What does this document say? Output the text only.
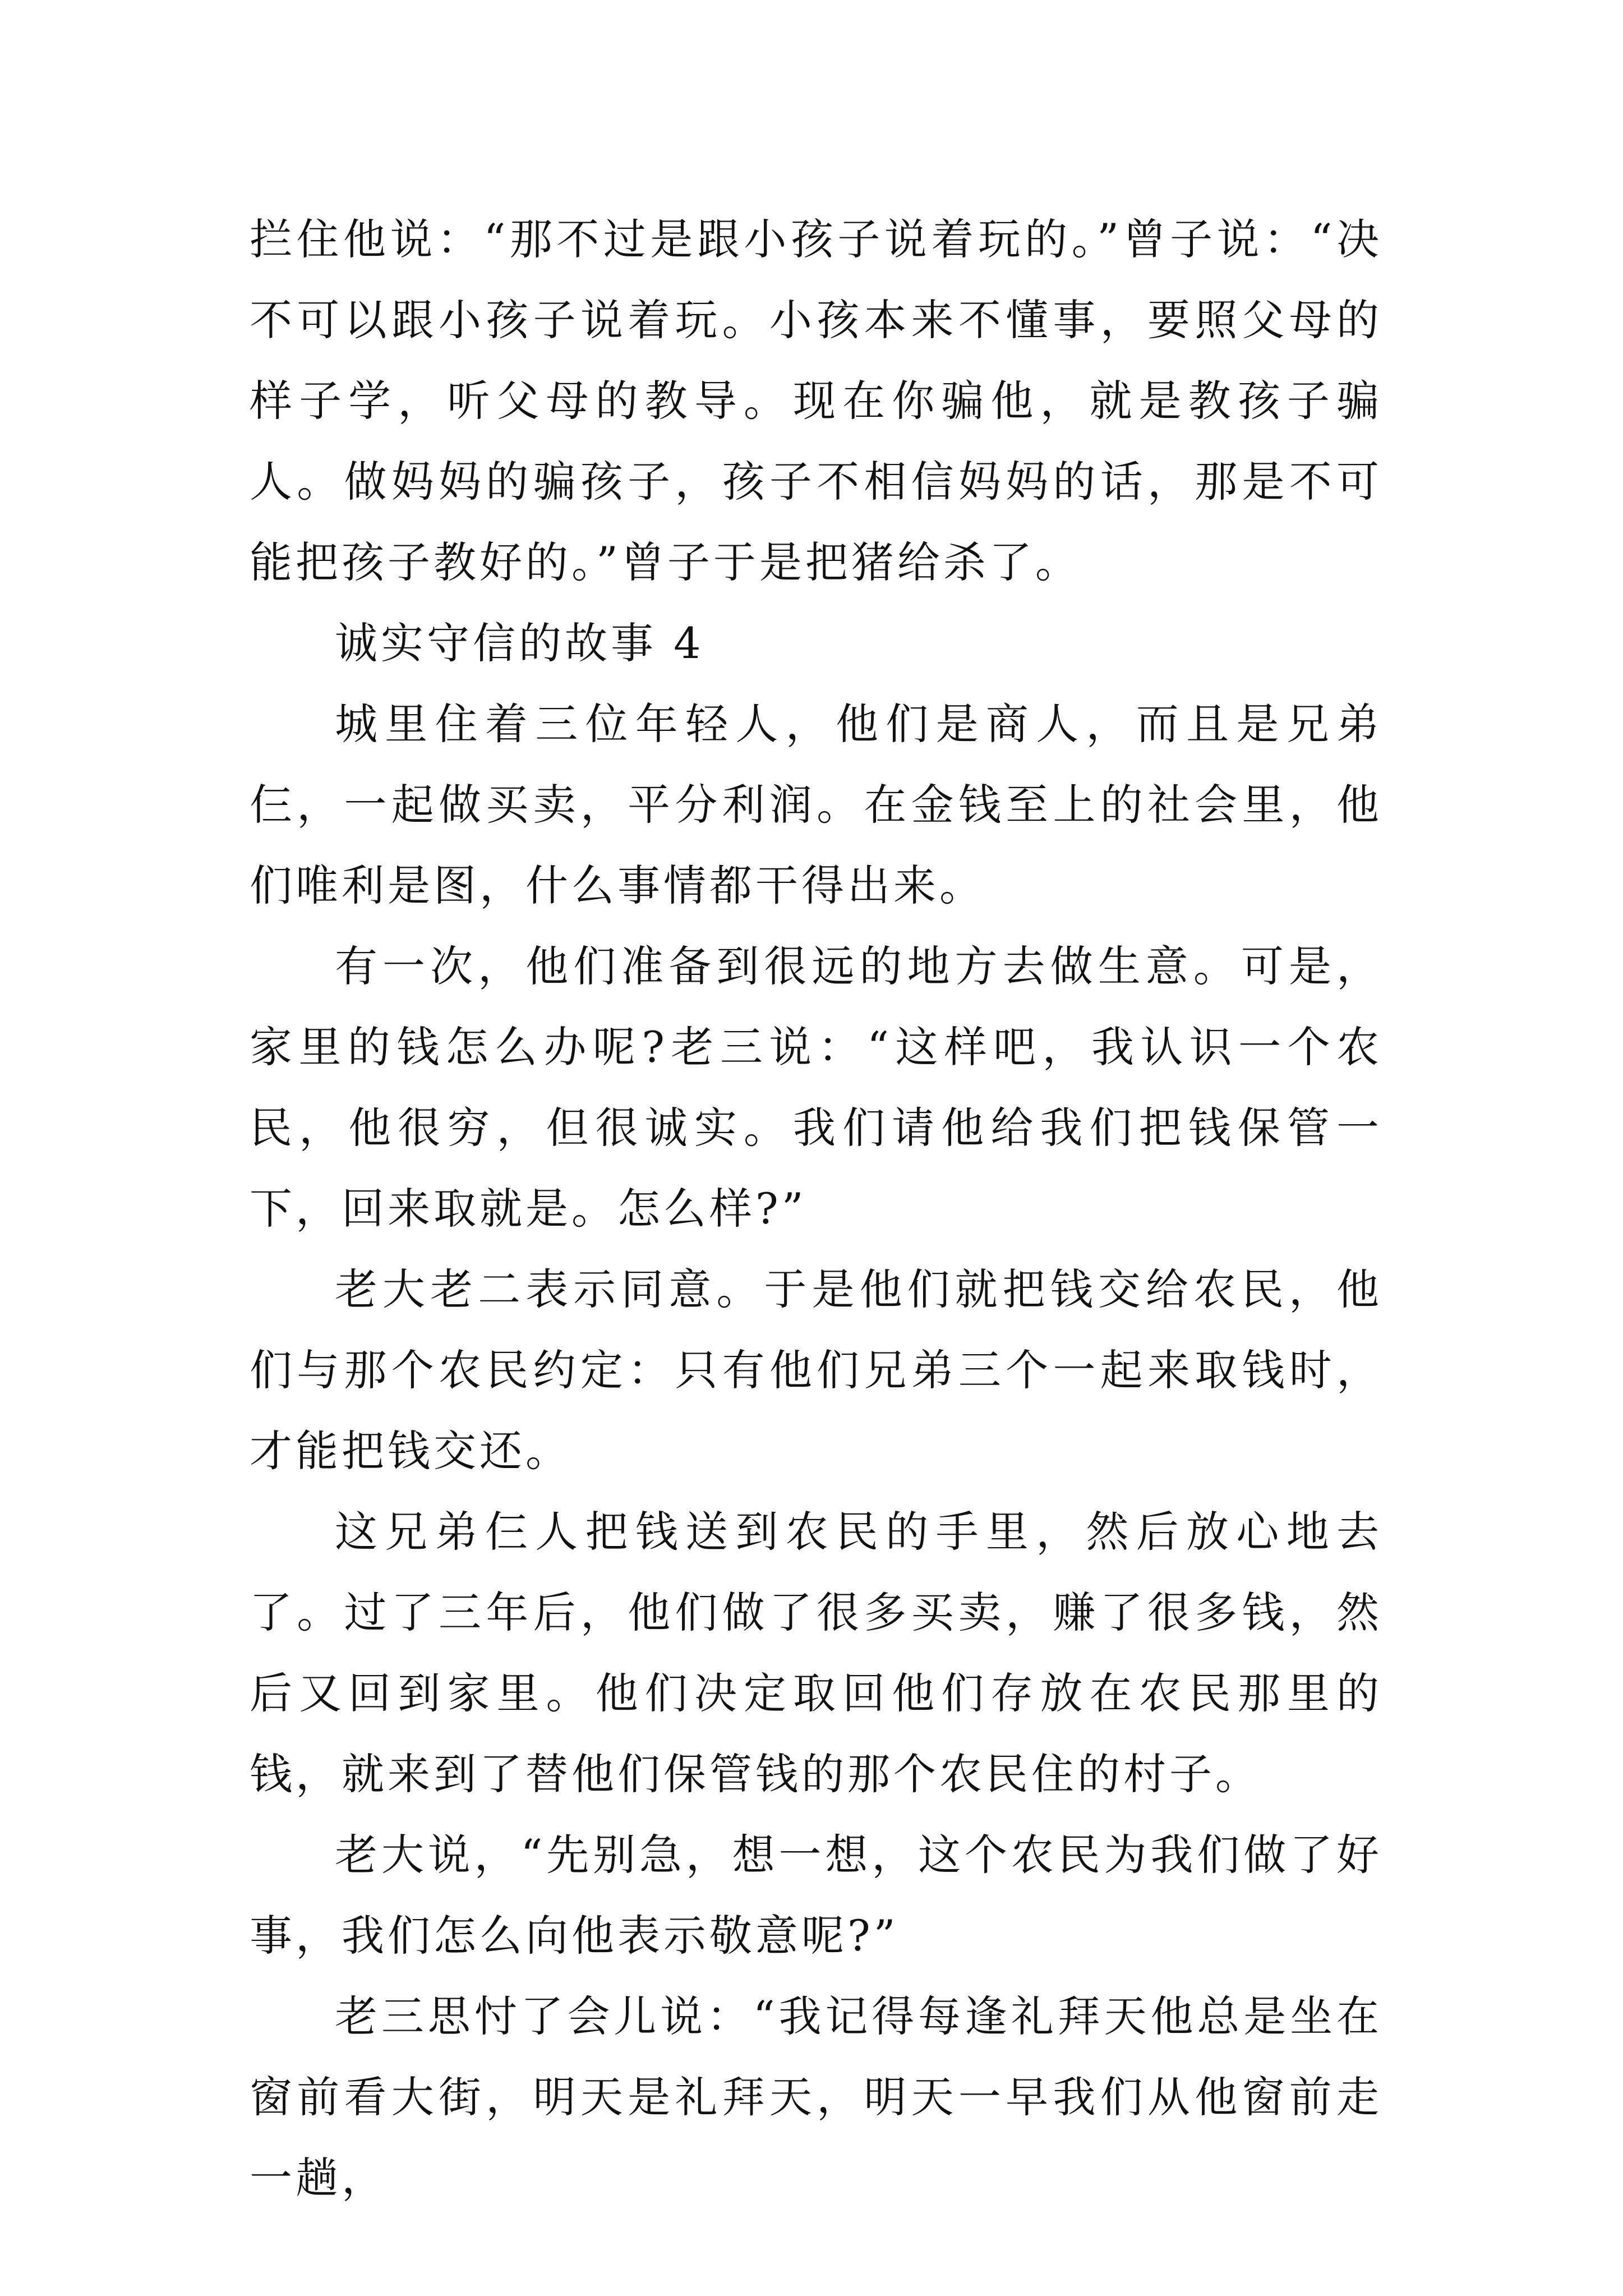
拦住他说：“那不过是跟小孩子说着玩的。”曾子说：“决不可以跟小孩子说着玩。小孩本来不懂事，要照父母的样子学，听父母的教导。现在你骗他，就是教孩子骗人。做妈妈的骗孩子，孩子不相信妈妈的话，那是不可能把孩子教好的。”曾子于是把猪给杀了。

诚实守信的故事 4

城里住着三位年轻人，他们是商人，而且是兄弟仨，一起做买卖，平分利润。在金钱至上的社会里，他们唯利是图，什么事情都干得出来。

有一次，他们准备到很远的地方去做生意。可是，家里的钱怎么办呢?老三说：“这样吧，我认识一个农民，他很穷，但很诚实。我们请他给我们把钱保管一下，回来取就是。怎么样?”

老大老二表示同意。于是他们就把钱交给农民，他们与那个农民约定：只有他们兄弟三个一起来取钱时，才能把钱交还。

这兄弟仨人把钱送到农民的手里，然后放心地去了。过了三年后，他们做了很多买卖，赚了很多钱，然后又回到家里。他们决定取回他们存放在农民那里的钱，就来到了替他们保管钱的那个农民住的村子。

老大说，“先别急，想一想，这个农民为我们做了好事，我们怎么向他表示敬意呢?”

老三思忖了会儿说：“我记得每逢礼拜天他总是坐在窗前看大街，明天是礼拜天，明天一早我们从他窗前走一趟，
